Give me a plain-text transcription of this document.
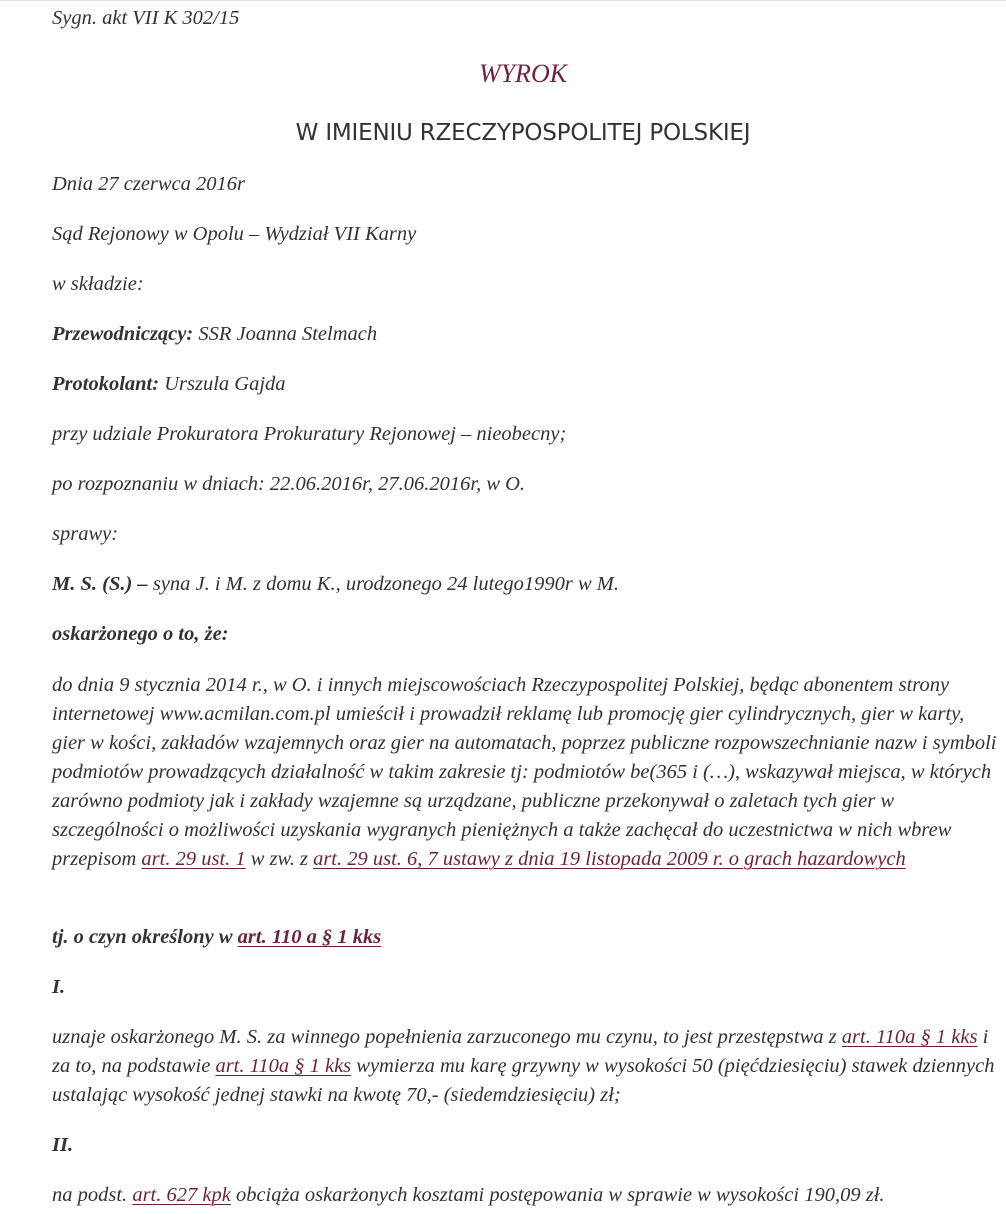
Sygn. akt VII K 302/15

WYROK
W IMIENIU RZECZYPOSPOLITEJ POLSKIEJ

Dnia 27 czerwca 2016r

Sąd Rejonowy w Opolu – Wydział VII Karny

w składzie:

Przewodniczący: SSR Joanna Stelmach

Protokolant: Urszula Gajda

przy udziale Prokuratora Prokuratury Rejonowej – nieobecny;

po rozpoznaniu w dniach: 22.06.2016r, 27.06.2016r, w O.

sprawy:

M. S. (S.) – syna J. i M. z domu K., urodzonego 24 lutego1990r w M.

oskarżonego o to, że:

do dnia 9 stycznia 2014 r., w O. i innych miejscowościach Rzeczypospolitej Polskiej, będąc abonentem strony internetowej www.acmilan.com.pl umieścił i prowadził reklamę lub promocję gier cylindrycznych, gier w karty, gier w kości, zakładów wzajemnych oraz gier na automatach, poprzez publiczne rozpowszechnianie nazw i symboli podmiotów prowadzących działalność w takim zakresie tj: podmiotów be(365 i (…), wskazywał miejsca, w których zarówno podmioty jak i zakłady wzajemne są urządzane, publiczne przekonywał o zaletach tych gier w szczególności o możliwości uzyskania wygranych pieniężnych a także zachęcał do uczestnictwa w nich wbrew przepisom art. 29 ust. 1 w zw. z art. 29 ust. 6, 7 ustawy z dnia 19 listopada 2009 r. o grach hazardowych

tj. o czyn określony w art. 110 a § 1 kks

I.

uznaje oskarżonego M. S. za winnego popełnienia zarzuconego mu czynu, to jest przestępstwa z art. 110a § 1 kks i za to, na podstawie art. 110a § 1 kks wymierza mu karę grzywny w wysokości 50 (pięćdziesięciu) stawek dziennych ustalając wysokość jednej stawki na kwotę 70,- (siedemdziesięciu) zł;

II.

na podst. art. 627 kpk obciąża oskarżonych kosztami postępowania w sprawie w wysokości 190,09 zł.
